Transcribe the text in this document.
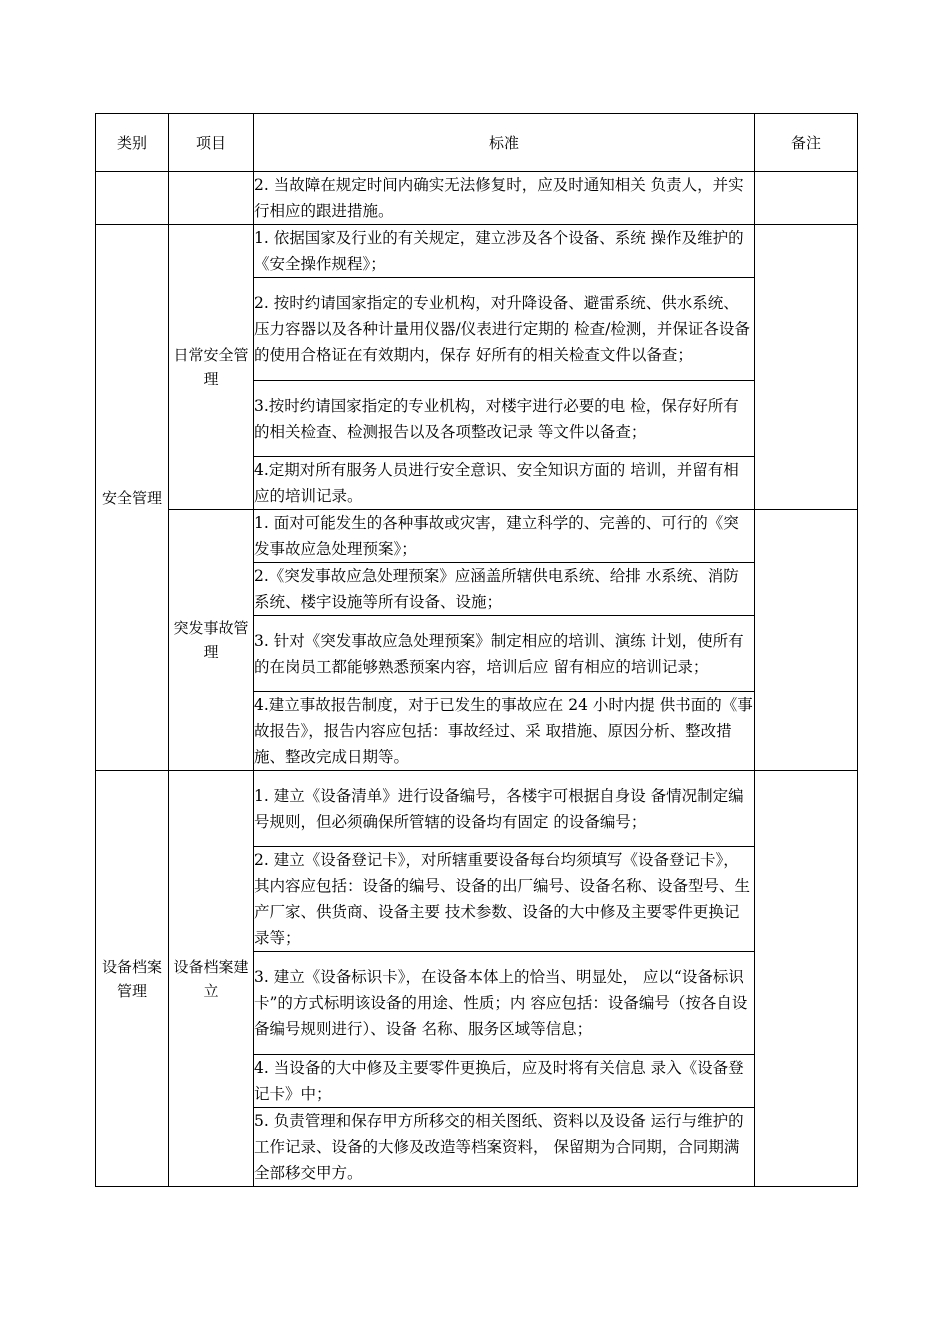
类别	项目	标准	备注
		2. 当故障在规定时间内确实无法修复时，应及时通知相关 负责人，并实行相应的跟进措施。	
安全管理	日常安全管理	1. 依据国家及行业的有关规定，建立涉及各个设备、系统 操作及维护的《安全操作规程》；	
		2. 按时约请国家指定的专业机构，对升降设备、避雷系统、供水系统、压力容器以及各种计量用仪器/仪表进行定期的 检查/检测，并保证各设备的使用合格证在有效期内，保存 好所有的相关检查文件以备查；	
		3.按时约请国家指定的专业机构，对楼宇进行必要的电 检，保存好所有的相关检查、检测报告以及各项整改记录 等文件以备查；	
		4.定期对所有服务人员进行安全意识、安全知识方面的 培训，并留有相应的培训记录。	
	突发事故管理	1. 面对可能发生的各种事故或灾害，建立科学的、完善的、可行的《突发事故应急处理预案》；	
		2.《突发事故应急处理预案》应涵盖所辖供电系统、给排 水系统、消防系统、楼宇设施等所有设备、设施；	
		3. 针对《突发事故应急处理预案》制定相应的培训、演练 计划，使所有的在岗员工都能够熟悉预案内容，培训后应 留有相应的培训记录；	
		4.建立事故报告制度，对于已发生的事故应在 24 小时内提 供书面的《事故报告》，报告内容应包括：事故经过、采 取措施、原因分析、整改措施、整改完成日期等。	
设备档案管理	设备档案建立	1. 建立《设备清单》进行设备编号，各楼宇可根据自身设 备情况制定编号规则，但必须确保所管辖的设备均有固定 的设备编号；	
		2. 建立《设备登记卡》，对所辖重要设备每台均须填写《设备登记卡》，其内容应包括：设备的编号、设备的出厂编号、设备名称、设备型号、生产厂家、供货商、设备主要 技术参数、设备的大中修及主要零件更换记录等；	
		3. 建立《设备标识卡》，在设备本体上的恰当、明显处， 应以“设备标识卡”的方式标明该设备的用途、性质；内 容应包括：设备编号（按各自设备编号规则进行）、设备 名称、服务区域等信息；	
		4. 当设备的大中修及主要零件更换后，应及时将有关信息 录入《设备登记卡》中；	
		5. 负责管理和保存甲方所移交的相关图纸、资料以及设备 运行与维护的工作记录、设备的大修及改造等档案资料， 保留期为合同期，合同期满全部移交甲方。	
